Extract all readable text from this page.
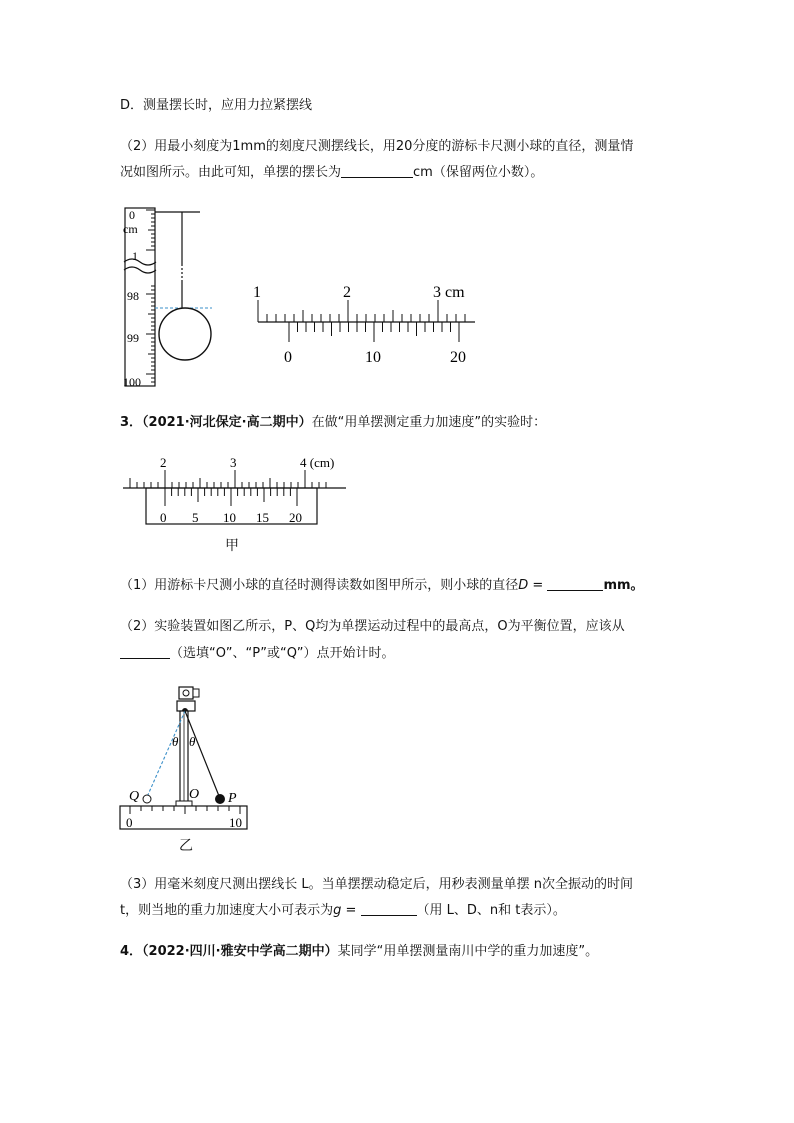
D．测量摆长时，应用力拉紧摆线
（2）用最小刻度为1mm的刻度尺测摆线长，用20分度的游标卡尺测小球的直径，测量情
况如图所示。由此可知，单摆的摆长为	cm（保留两位小数）。
0
cm
1
98
99
100
1	2	3 cm
0	10	20
3．（2021·河北保定·高二期中）在做“用单摆测定重力加速度”的实验时：
2	3	4 (cm)
0 5 10 15 20
甲
（1）用游标卡尺测小球的直径时测得读数如图甲所示，则小球的直径D =	mm。
（2）实验装置如图乙所示，P、Q均为单摆运动过程中的最高点，O为平衡位置，应该从
（选填“O”、“P”或“Q”）点开始计时。
θ θ
Q	O P
0	10
乙
（3）用毫米刻度尺测出摆线长 L。当单摆摆动稳定后，用秒表测量单摆 n次全振动的时间
t，则当地的重力加速度大小可表示为g =	（用 L、D、n和 t表示）。
4．（2022·四川·雅安中学高二期中）某同学“用单摆测量南川中学的重力加速度”。
